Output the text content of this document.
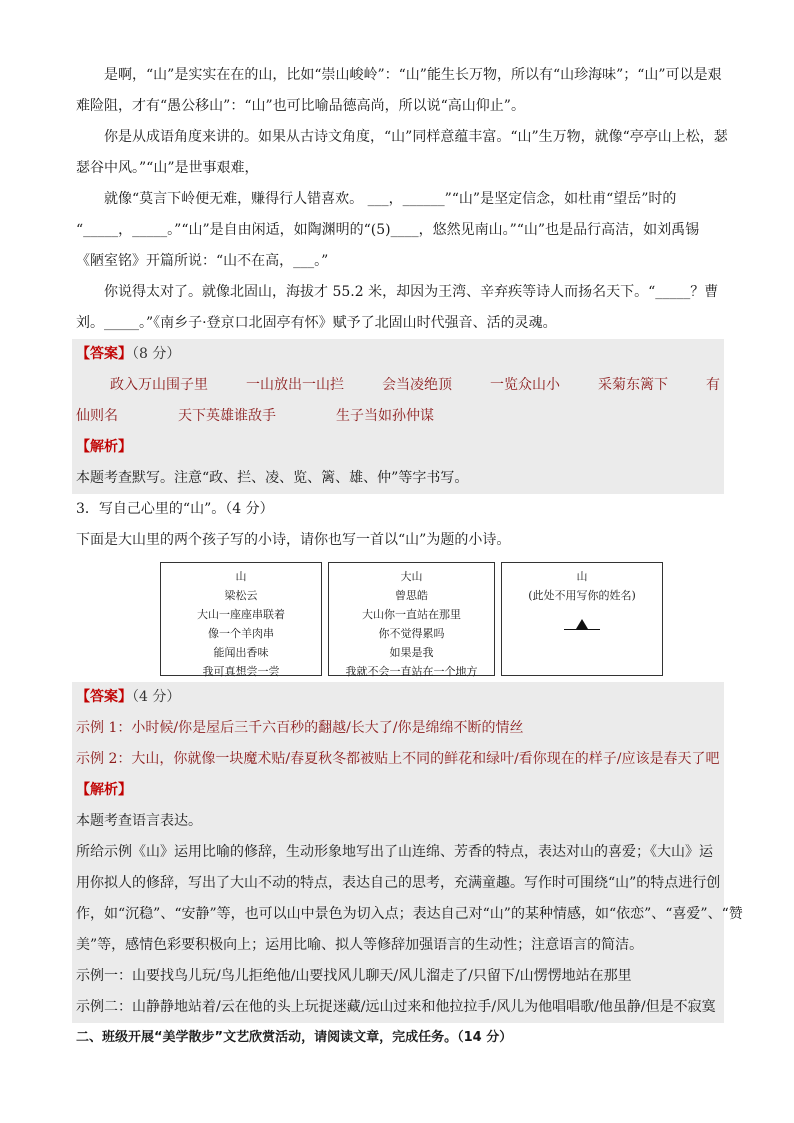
是啊，“山”是实实在在的山，比如“崇山峻岭”：“山”能生长万物，所以有“山珍海味”；“山”可以是艰
难险阻，才有“愚公移山”：“山”也可比喻品德高尚，所以说“高山仰止”。
你是从成语角度来讲的。如果从古诗文角度，“山”同样意蕴丰富。“山”生万物，就像“亭亭山上松，瑟
瑟谷中风。”“山”是世事艰难，
就像“莫言下岭便无难，赚得行人错喜欢。 ___，______”“山”是坚定信念，如杜甫“望岳”时的
“_____，_____。”“山”是自由闲适，如陶渊明的“(5)____，悠然见南山。”“山”也是品行高洁，如刘禹锡
《陋室铭》开篇所说：“山不在高，___。”
你说得太对了。就像北固山，海拔才 55.2 米，却因为王湾、辛弃疾等诗人而扬名天下。“_____？曹
刘。_____。”《南乡子·登京口北固亭有怀》赋予了北固山时代强音、活的灵魂。
【答案】（8 分）
政入万山围子里	一山放出一山拦	会当凌绝顶	一览众山小	采菊东篱下	有
仙则名	天下英雄谁敌手	生子当如孙仲谋
【解析】
本题考查默写。注意“政、拦、凌、览、篱、雄、仲”等字书写。
3．写自己心里的“山”。（4 分）
下面是大山里的两个孩子写的小诗，请你也写一首以“山”为题的小诗。
山
梁松云
大山一座座串联着
像一个羊肉串
能闻出香味
我可真想尝一尝
大山
曾思皓
大山你一直站在那里
你不觉得累吗
如果是我
我就不会一直站在一个地方
山
(此处不用写你的姓名)
【答案】（4 分）
示例 1：小时候/你是屋后三千六百秒的翻越/长大了/你是绵绵不断的情丝
示例 2：大山，你就像一块魔术贴/春夏秋冬都被贴上不同的鲜花和绿叶/看你现在的样子/应该是春天了吧
【解析】
本题考查语言表达。
所给示例《山》运用比喻的修辞，生动形象地写出了山连绵、芳香的特点，表达对山的喜爱；《大山》运
用你拟人的修辞，写出了大山不动的特点，表达自己的思考，充满童趣。写作时可围绕“山”的特点进行创
作，如“沉稳”、“安静”等，也可以山中景色为切入点；表达自己对“山”的某种情感，如“依恋”、“喜爱”、“赞
美”等，感情色彩要积极向上；运用比喻、拟人等修辞加强语言的生动性；注意语言的简洁。
示例一：山要找鸟儿玩/鸟儿拒绝他/山要找风儿聊天/风儿溜走了/只留下/山愣愣地站在那里
示例二：山静静地站着/云在他的头上玩捉迷藏/远山过来和他拉拉手/风儿为他唱唱歌/他虽静/但是不寂寞
二、班级开展“美学散步”文艺欣赏活动，请阅读文章，完成任务。（14 分）
